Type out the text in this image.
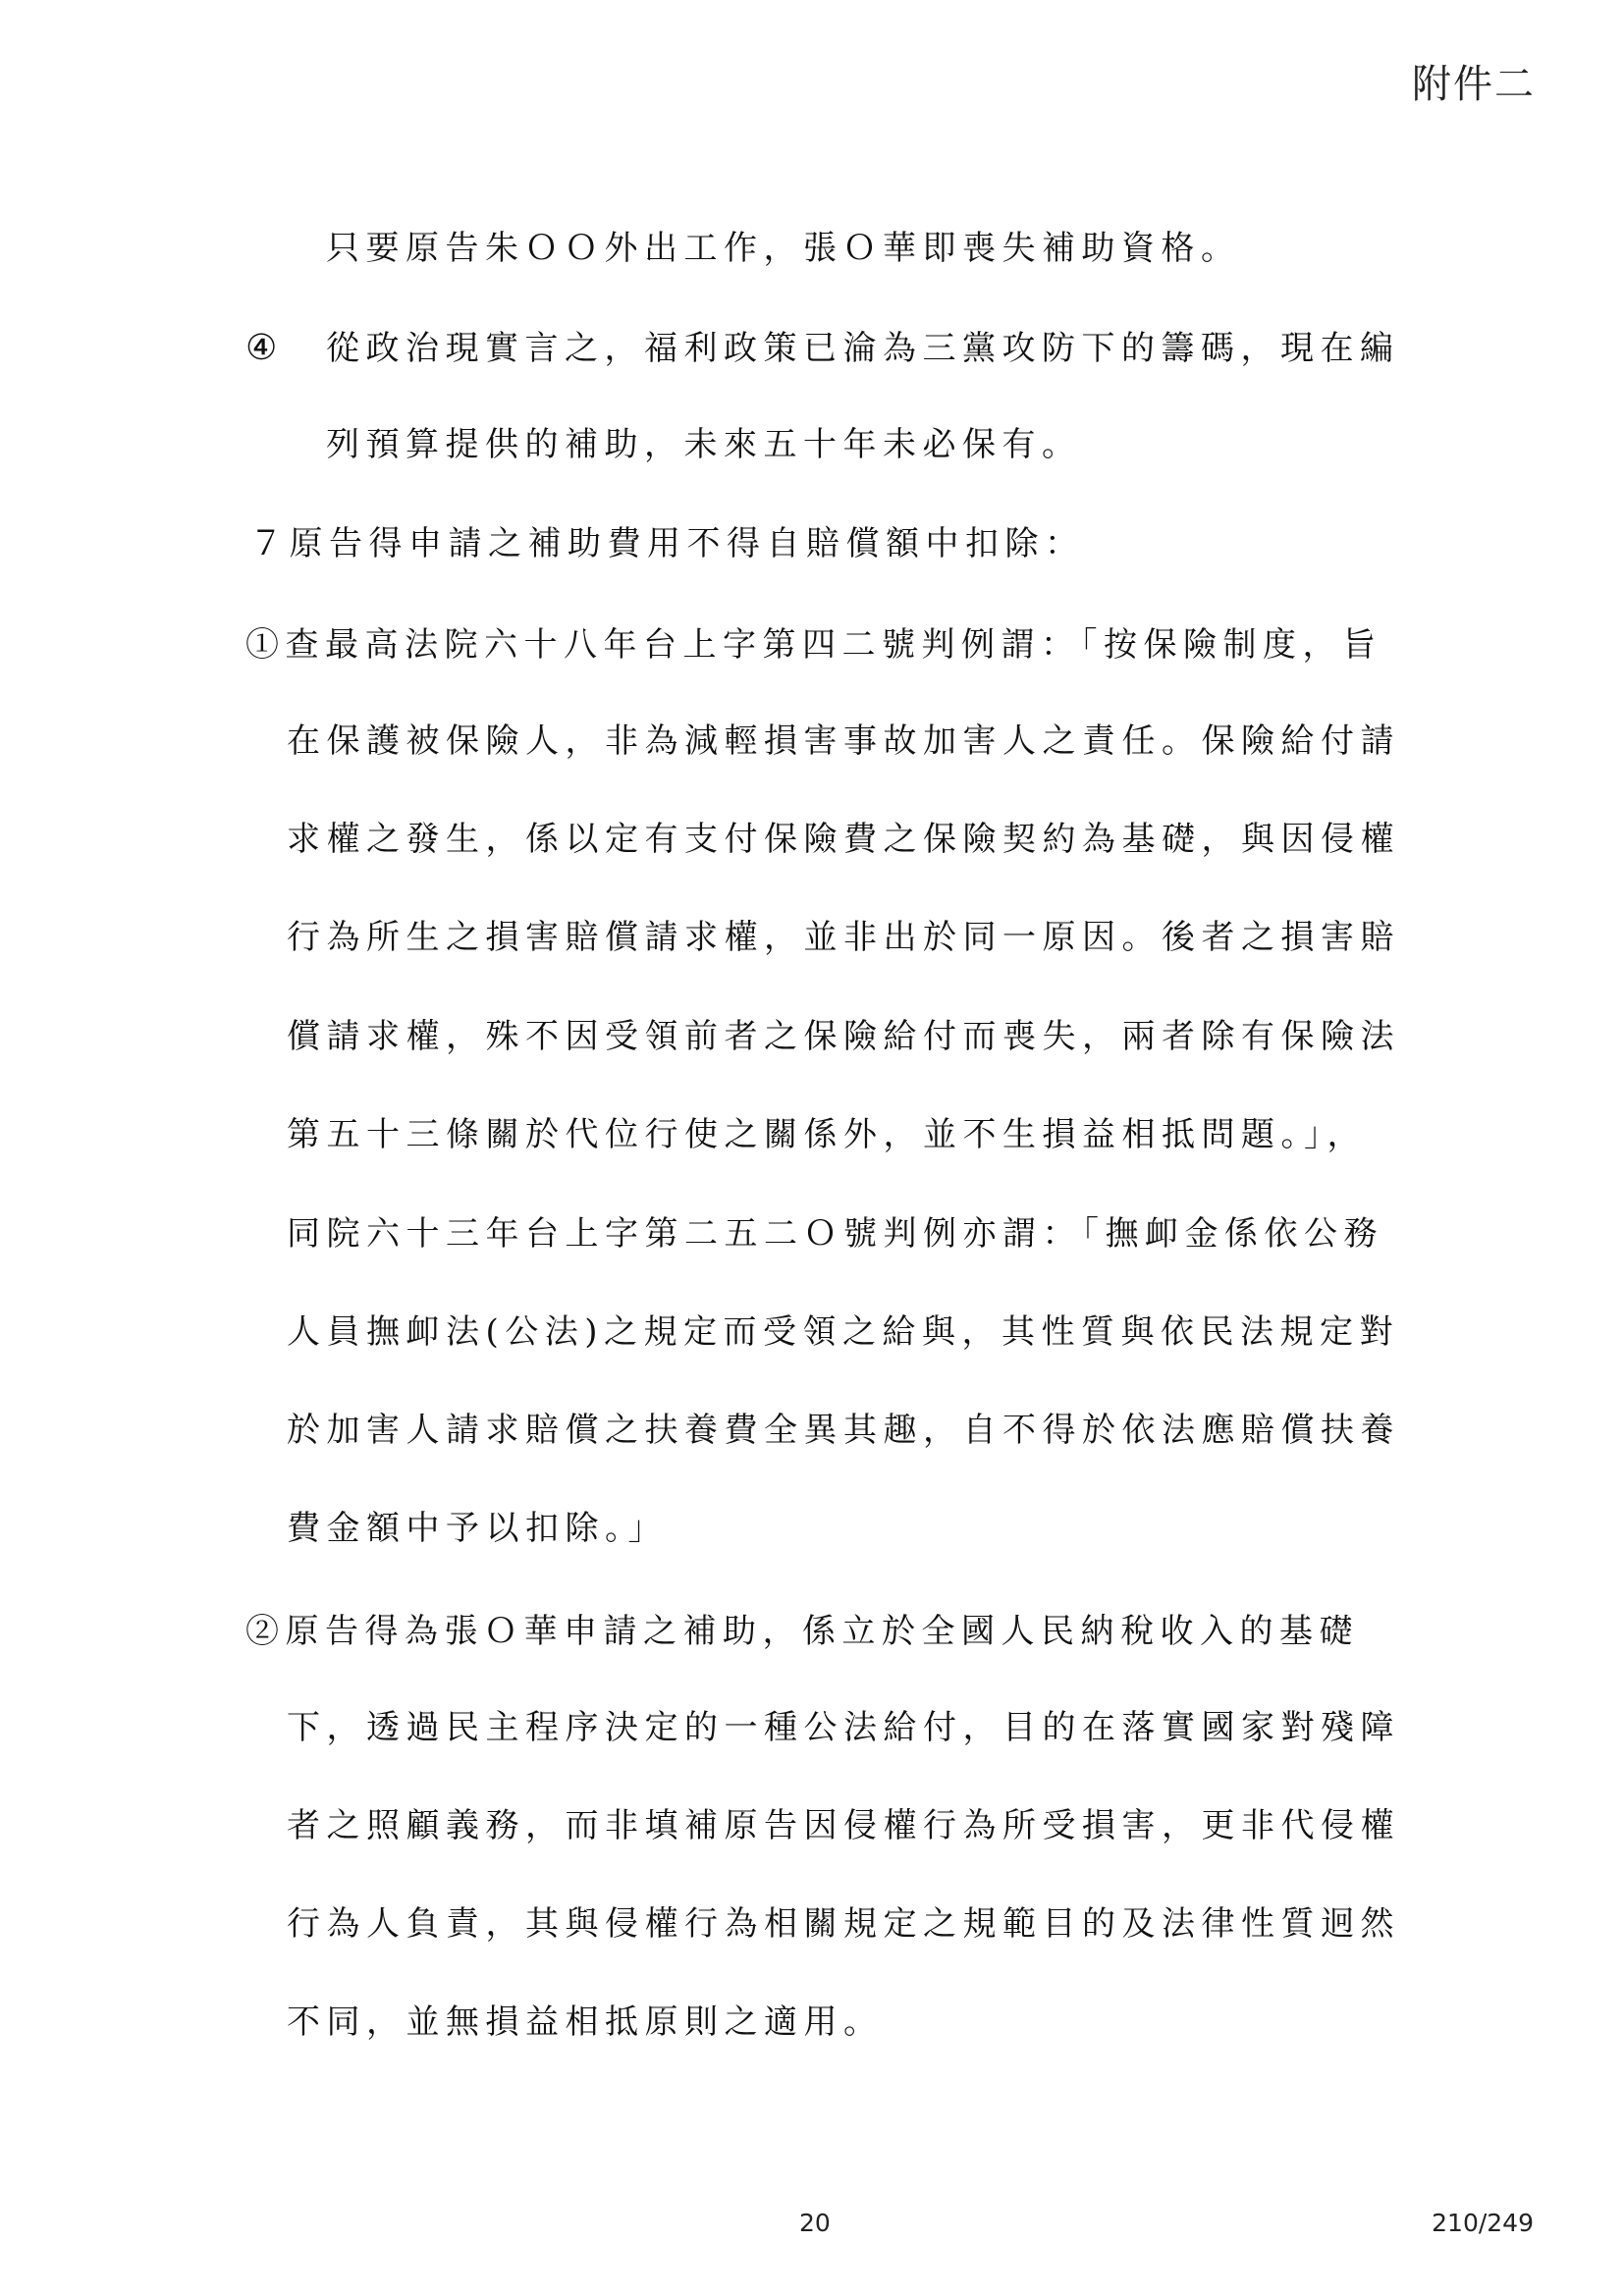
附件二
只要原告朱ＯＯ外出工作，張Ｏ華即喪失補助資格。
④ 從政治現實言之，福利政策已淪為三黨攻防下的籌碼，現在編
列預算提供的補助，未來五十年未必保有。
７原告得申請之補助費用不得自賠償額中扣除：
①查最高法院六十八年台上字第四二號判例謂：「按保險制度，旨
在保護被保險人，非為減輕損害事故加害人之責任。保險給付請
求權之發生，係以定有支付保險費之保險契約為基礎，與因侵權
行為所生之損害賠償請求權，並非出於同一原因。後者之損害賠
償請求權，殊不因受領前者之保險給付而喪失，兩者除有保險法
第五十三條關於代位行使之關係外，並不生損益相抵問題。」，
同院六十三年台上字第二五二Ｏ號判例亦謂：「撫卹金係依公務
人員撫卹法(公法)之規定而受領之給與，其性質與依民法規定對
於加害人請求賠償之扶養費全異其趣，自不得於依法應賠償扶養
費金額中予以扣除。」
②原告得為張Ｏ華申請之補助，係立於全國人民納稅收入的基礎
下，透過民主程序決定的一種公法給付，目的在落實國家對殘障
者之照顧義務，而非填補原告因侵權行為所受損害，更非代侵權
行為人負責，其與侵權行為相關規定之規範目的及法律性質迥然
不同，並無損益相抵原則之適用。
20	210/249
